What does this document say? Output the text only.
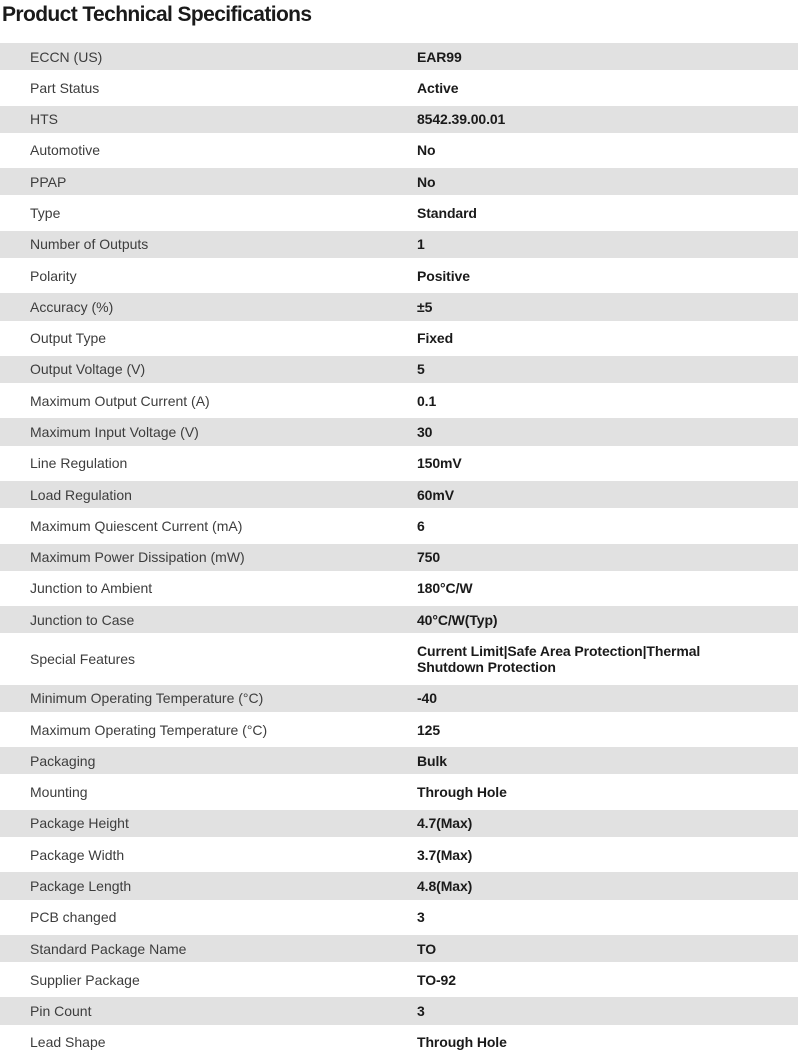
Product Technical Specifications
ECCN (US)	EAR99
Part Status	Active
HTS	8542.39.00.01
Automotive	No
PPAP	No
Type	Standard
Number of Outputs	1
Polarity	Positive
Accuracy (%)	±5
Output Type	Fixed
Output Voltage (V)	5
Maximum Output Current (A)	0.1
Maximum Input Voltage (V)	30
Line Regulation	150mV
Load Regulation	60mV
Maximum Quiescent Current (mA)	6
Maximum Power Dissipation (mW)	750
Junction to Ambient	180°C/W
Junction to Case	40°C/W(Typ)
Special Features	Current Limit|Safe Area Protection|Thermal Shutdown Protection
Minimum Operating Temperature (°C)	-40
Maximum Operating Temperature (°C)	125
Packaging	Bulk
Mounting	Through Hole
Package Height	4.7(Max)
Package Width	3.7(Max)
Package Length	4.8(Max)
PCB changed	3
Standard Package Name	TO
Supplier Package	TO-92
Pin Count	3
Lead Shape	Through Hole
